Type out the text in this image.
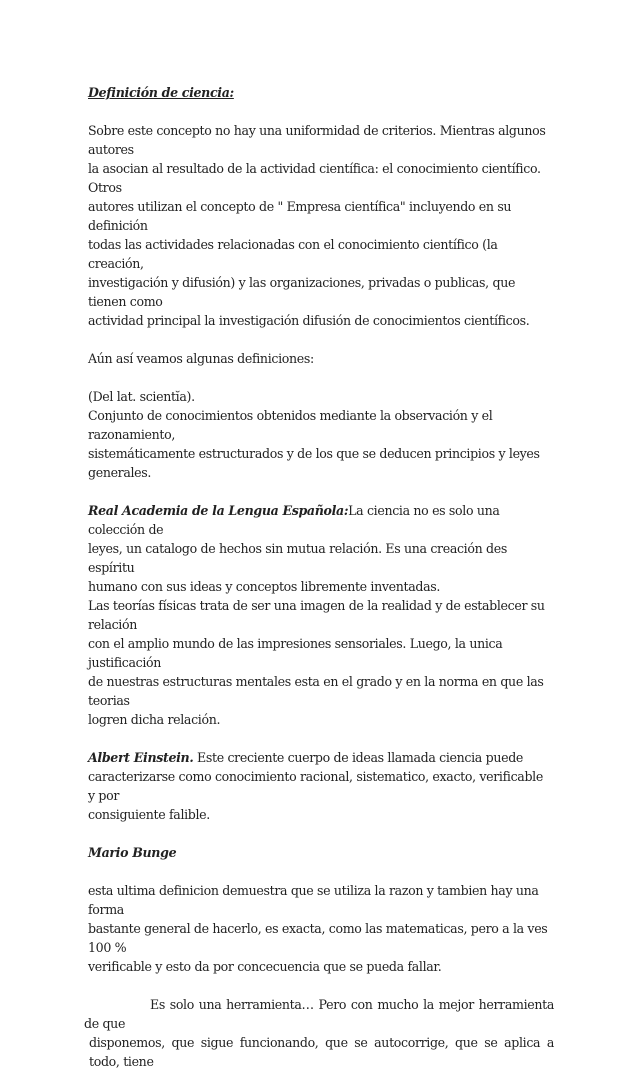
Definición de ciencia:

Sobre este concepto no hay una uniformidad de criterios. Mientras algunos autores

la asocian al resultado de la actividad científica: el conocimiento científico. Otros

autores utilizan el concepto de " Empresa científica" incluyendo en su definición

todas las actividades relacionadas con el conocimiento científico (la creación,

investigación y difusión) y las organizaciones, privadas o publicas, que tienen como

actividad principal la investigación difusión de conocimientos científicos.

Aún así veamos algunas definiciones:

(Del lat. scientĭa).

Conjunto de conocimientos obtenidos mediante la observación y el razonamiento,

sistemáticamente estructurados y de los que se deducen principios y leyes

generales.

Real Academia de la Lengua Española:La ciencia no es solo una colección de

leyes, un catalogo de hechos sin mutua relación. Es una creación des espíritu

humano con sus ideas y conceptos libremente inventadas.

Las teorías físicas trata de ser una imagen de la realidad y de establecer su relación

con el amplio mundo de las impresiones sensoriales. Luego, la unica justificación

de nuestras estructuras mentales esta en el grado y en la norma en que las teorias

logren dicha relación.

Albert Einstein. Este creciente cuerpo de ideas llamada ciencia puede

caracterizarse como conocimiento racional, sistematico, exacto, verificable y por

consiguiente falible.

Mario Bunge

esta ultima definicion demuestra que se utiliza la razon y tambien hay una forma

bastante general de hacerlo, es exacta, como las matematicas, pero a la ves 100 %

verificable y esto da por concecuencia que se pueda fallar.

Es solo una herramienta… Pero con mucho la mejor herramienta de que

disponemos, que sigue funcionando, que se autocorrige, que se aplica a todo, tiene
